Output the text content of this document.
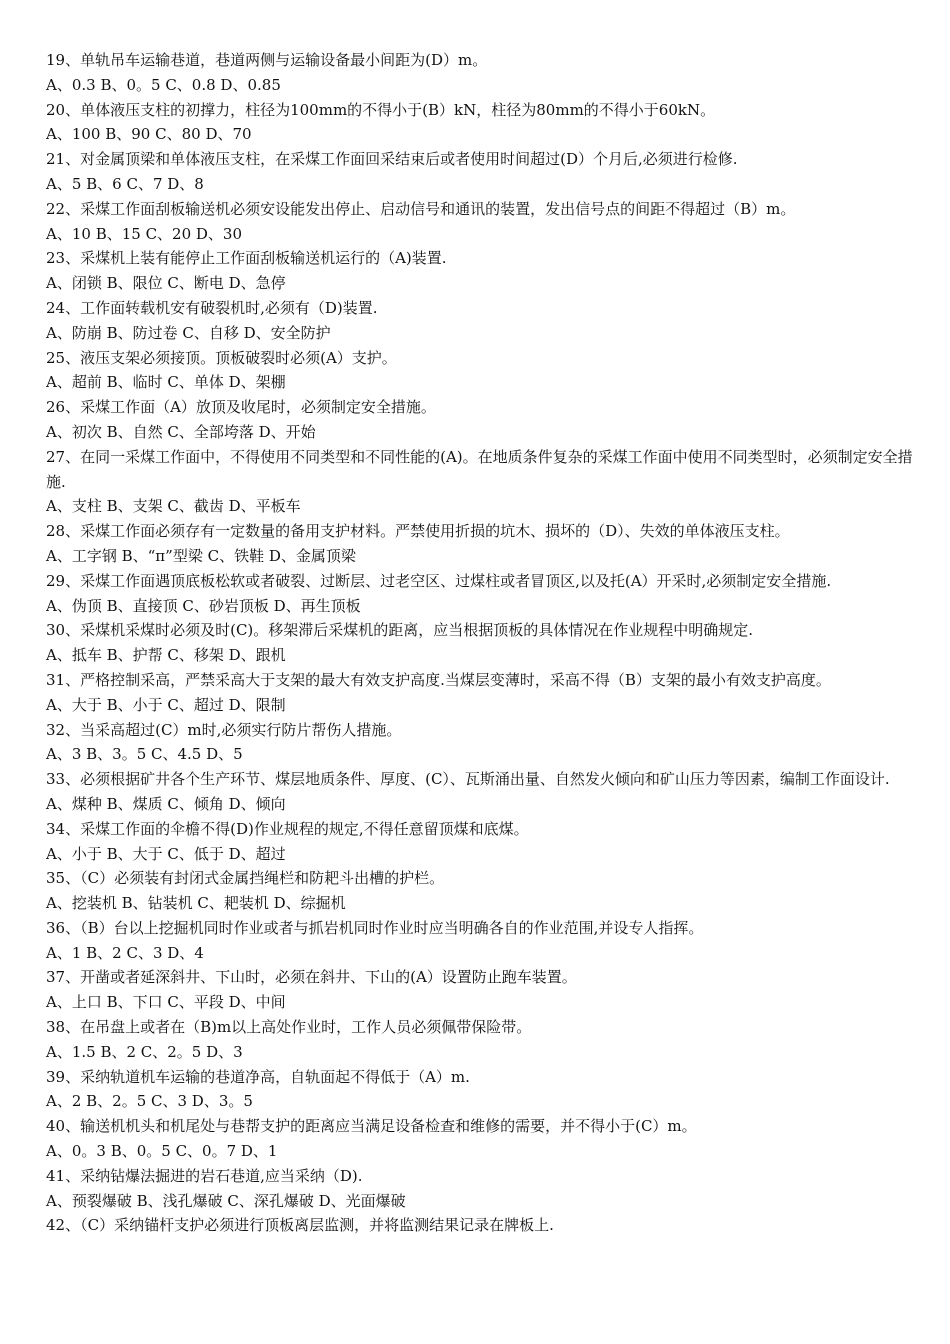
19、单轨吊车运输巷道，巷道两侧与运输设备最小间距为(D）m。
A、0.3 B、0。5 C、0.8 D、0.85
20、单体液压支柱的初撑力，柱径为100mm的不得小于(B）kN，柱径为80mm的不得小于60kN。
A、100 B、90 C、80 D、70
21、对金属顶梁和单体液压支柱，在采煤工作面回采结束后或者使用时间超过(D）个月后,必须进行检修.
A、5 B、6 C、7 D、8
22、采煤工作面刮板输送机必须安设能发出停止、启动信号和通讯的装置，发出信号点的间距不得超过（B）m。
A、10 B、15 C、20 D、30
23、采煤机上装有能停止工作面刮板输送机运行的（A)装置.
A、闭锁 B、限位 C、断电 D、急停
24、工作面转载机安有破裂机时,必须有（D)装置.
A、防崩 B、防过卷 C、自移 D、安全防护
25、液压支架必须接顶。顶板破裂时必须(A）支护。
A、超前 B、临时 C、单体 D、架棚
26、采煤工作面（A）放顶及收尾时，必须制定安全措施。
A、初次 B、自然 C、全部垮落 D、开始
27、在同一采煤工作面中，不得使用不同类型和不同性能的(A)。在地质条件复杂的采煤工作面中使用不同类型时，必须制定安全措施.
A、支柱 B、支架 C、截齿 D、平板车
28、采煤工作面必须存有一定数量的备用支护材料。严禁使用折损的坑木、损坏的（D）、失效的单体液压支柱。
A、工字钢 B、“π”型梁 C、铁鞋 D、金属顶梁
29、采煤工作面遇顶底板松软或者破裂、过断层、过老空区、过煤柱或者冒顶区,以及托(A）开采时,必须制定安全措施.
A、伪顶 B、直接顶 C、砂岩顶板 D、再生顶板
30、采煤机采煤时必须及时(C)。移架滞后采煤机的距离，应当根据顶板的具体情况在作业规程中明确规定.
A、抵车 B、护帮 C、移架 D、跟机
31、严格控制采高，严禁采高大于支架的最大有效支护高度.当煤层变薄时，采高不得（B）支架的最小有效支护高度。
A、大于 B、小于 C、超过 D、限制
32、当采高超过(C）m时,必须实行防片帮伤人措施。
A、3 B、3。5 C、4.5 D、5
33、必须根据矿井各个生产环节、煤层地质条件、厚度、(C）、瓦斯涌出量、自然发火倾向和矿山压力等因素，编制工作面设计.
A、煤种 B、煤质 C、倾角 D、倾向
34、采煤工作面的伞檐不得(D)作业规程的规定,不得任意留顶煤和底煤。
A、小于 B、大于 C、低于 D、超过
35、（C）必须装有封闭式金属挡绳栏和防耙斗出槽的护栏。
A、挖装机 B、钻装机 C、耙装机 D、综掘机
36、（B）台以上挖掘机同时作业或者与抓岩机同时作业时应当明确各自的作业范围,并设专人指挥。
A、1 B、2 C、3 D、4
37、开凿或者延深斜井、下山时，必须在斜井、下山的(A）设置防止跑车装置。
A、上口 B、下口 C、平段 D、中间
38、在吊盘上或者在（B)m以上高处作业时，工作人员必须佩带保险带。
A、1.5 B、2 C、2。5 D、3
39、采纳轨道机车运输的巷道净高，自轨面起不得低于（A）m.
A、2 B、2。5 C、3 D、3。5
40、输送机机头和机尾处与巷帮支护的距离应当满足设备检查和维修的需要，并不得小于(C）m。
A、0。3 B、0。5 C、0。7 D、1
41、采纳钻爆法掘进的岩石巷道,应当采纳（D).
A、预裂爆破 B、浅孔爆破 C、深孔爆破 D、光面爆破
42、（C）采纳锚杆支护必须进行顶板离层监测，并将监测结果记录在牌板上.
